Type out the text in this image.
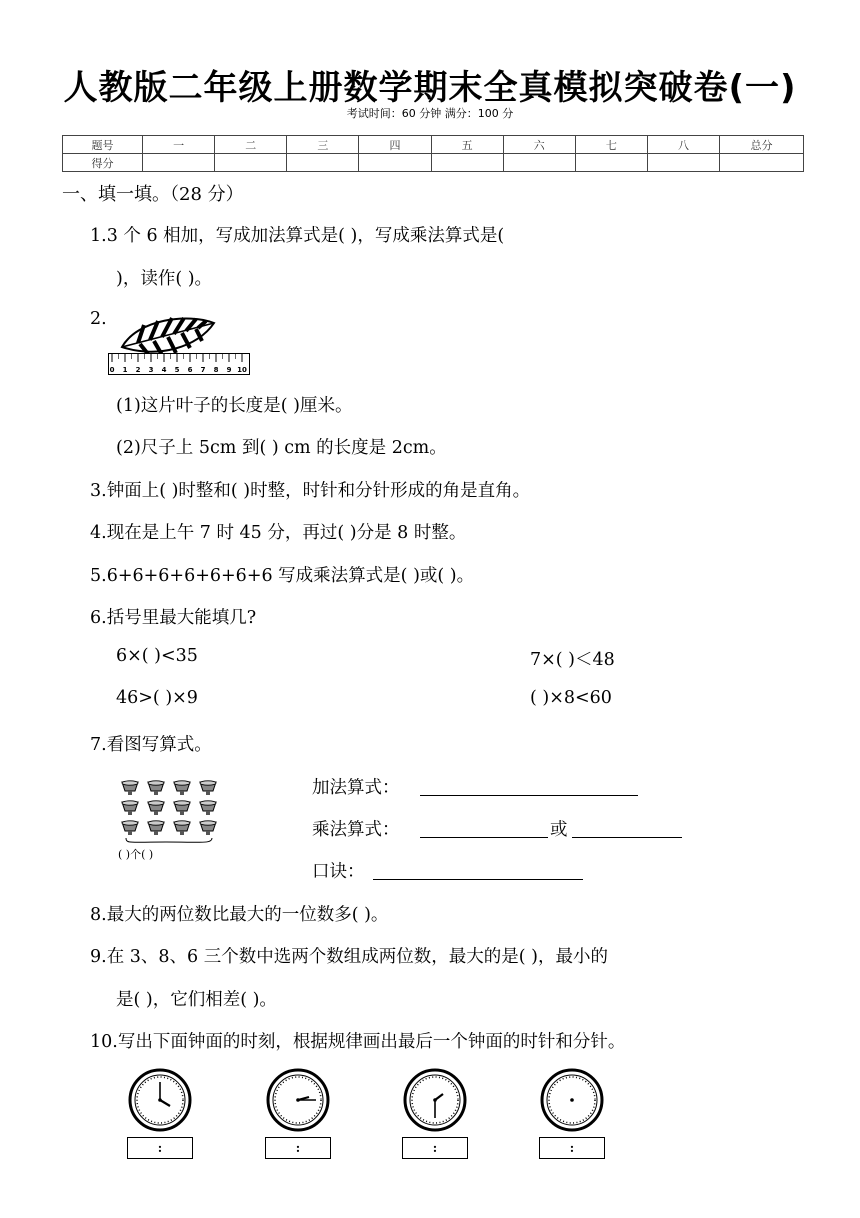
人教版二年级上册数学期末全真模拟突破卷(一)
考试时间：60 分钟 满分：100 分
题号	一	二	三	四	五	六	七	八	总分
得分									
一、填一填。（28 分）
1.3 个 6 相加，写成加法算式是( )，写成乘法算式是(
)，读作( )。
2.
0 1 2 3 4 5 6 7 8 9 10
(1)这片叶子的长度是( )厘米。
(2)尺子上 5cm 到( ) cm 的长度是 2cm。
3.钟面上( )时整和( )时整，时针和分针形成的角是直角。
4.现在是上午 7 时 45 分，再过( )分是 8 时整。
5.6+6+6+6+6+6+6 写成乘法算式是( )或( )。
6.括号里最大能填几?
6×( )<35	7×( )＜48
46>( )×9	( )×8<60
7.看图写算式。
( )个( )
加法算式：
乘法算式：	或
口诀：
8.最大的两位数比最大的一位数多( )。
9.在 3、8、6 三个数中选两个数组成两位数，最大的是( )，最小的
是( )，它们相差( )。
10.写出下面钟面的时刻，根据规律画出最后一个钟面的时针和分针。
:	:	:	:
